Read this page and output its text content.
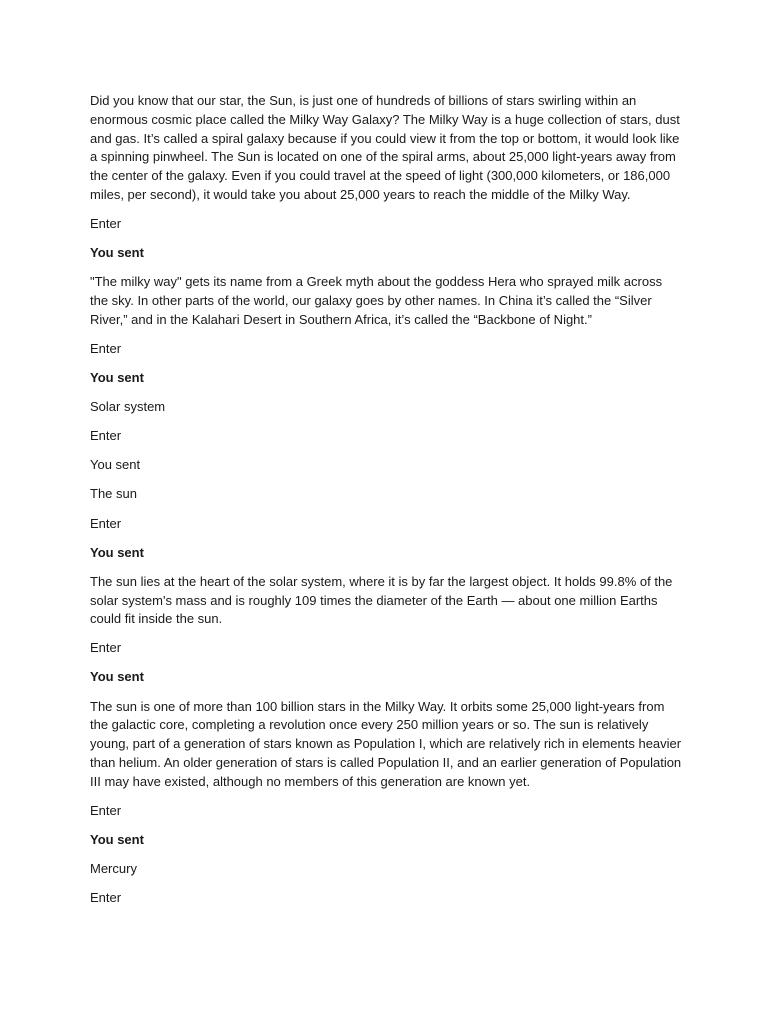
Did you know that our star, the Sun, is just one of hundreds of billions of stars swirling within an enormous cosmic place called the Milky Way Galaxy? The Milky Way is a huge collection of stars, dust and gas. It’s called a spiral galaxy because if you could view it from the top or bottom, it would look like a spinning pinwheel. The Sun is located on one of the spiral arms, about 25,000 light-years away from the center of the galaxy. Even if you could travel at the speed of light (300,000 kilometers, or 186,000 miles, per second), it would take you about 25,000 years to reach the middle of the Milky Way.

Enter

You sent

"The milky way" gets its name from a Greek myth about the goddess Hera who sprayed milk across the sky. In other parts of the world, our galaxy goes by other names. In China it’s called the “Silver River,” and in the Kalahari Desert in Southern Africa, it’s called the “Backbone of Night.”

Enter

You sent

Solar system

Enter

You sent

The sun

Enter

You sent

The sun lies at the heart of the solar system, where it is by far the largest object. It holds 99.8% of the solar system's mass and is roughly 109 times the diameter of the Earth — about one million Earths could fit inside the sun.

Enter

You sent

The sun is one of more than 100 billion stars in the Milky Way. It orbits some 25,000 light-years from the galactic core, completing a revolution once every 250 million years or so. The sun is relatively young, part of a generation of stars known as Population I, which are relatively rich in elements heavier than helium. An older generation of stars is called Population II, and an earlier generation of Population III may have existed, although no members of this generation are known yet.

Enter

You sent

Mercury

Enter
